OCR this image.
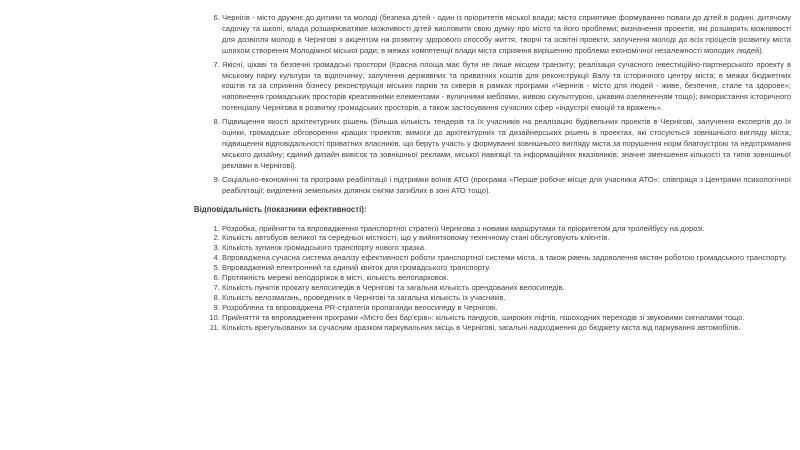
6. Чернігів - місто дружнє до дитини та молоді (безпека дітей - один із пріоритетів міської влади; місто сприятиме формуванню поваги до дітей в родині, дитячому садочку та школі; влада розширюватиме можливості дітей висловити свою думку про місто та його проблеми; визначення проектів, які розширять можливості для дозвілля молоді в Чернігові з акцентом на розвитку здорового способу життя, творчі та освітні проекти; залучення молоді до всіх процесів розвитку міста шляхом створення Молодіжної міської ради; в межах компетенції влади міста сприяння вирішенню проблеми економічної незалежності молодих людей).
7. Якісні, цікаві та безпечні громадські простори (Красна площа має бути не лише місцем транзиту; реалізація сучасного інвестиційно-партнерського проекту в міському парку культури та відпочинку; залучення державних та приватних коштів для реконструкції Валу та історичного центру міста; в межах бюджетних коштів та за сприяння бізнесу реконструкція міських парків та скверів в рамках програми «Чернігів - місто для людей - живе, безпечне, стале та здорове»; наповнення громадських просторів креативними елементами - вуличними меблями, живою скульптурою, цікавим озелененням тощо); використання історичного потенціалу Чернігова в розвитку громадських просторів, а також застосування сучасних сфер «індустрії емоцій та вражень».
8. Підвищення якості архітектурних рішень (більша кількість тендерів та їх учасників на реалізацію будівельних проектів в Чернігові, залучення експертів до їх оцінки, громадське обговорення кращих проектів; вимоги до архітектурних та дизайнерських рішень в проектах, які стосуються зовнішнього вигляду міста; підвищення відповідальності приватних власників, що беруть участь у формуванні зовнішнього вигляду міста за порушення норм благоустрою та недотримання міського дизайну; єдиний дизайн вивісок та зовнішньої реклами, міської навігації та інформаційних вказівників; значне зменшення кількості та типів зовнішньої реклами в Чернігові).
9. Соціально-економічні та програми реабілітації і підтримки воїнів АТО (програма «Перше робоче місце для учасника АТО»; співпраця з Центрами психологічної реабілітації; виділення земельних ділянок сім'ям загиблих в зоні АТО тощо).
Відповідальність (показники ефективності):
1. Розробка, прийняття та впровадження транспортної стратегії Чернігова з новими маршрутами та пріоритетом для тролейбусу на дорозі.
2. Кількість автобусів великої та середньої місткості, що у вийнятковому технічному стані обслуговують клієнтів.
3. Кількість зупинок громадського транспорту нового зразка.
4. Впроваджена сучасна система аналізу ефективності роботи транспортної системи міста, а також рівень задоволення містян роботою громадського транспорту.
5. Впроваджений електронний та єдиний квиток для громадського транспорту.
6. Протяжність мережі велодоріжок в місті, кількість велопарковок.
7. Кількість пунктів прокату велосипедів в Чернігові та загальна кількість орендованих велосипедів.
8. Кількість велозмагань, проведених в Чернігові та загальна кількість їх учасників.
9. Розроблена та впроваджена PR-стратегія пропаганди велосипеду в Чернігові.
10. Прийняття та впровадження програми «Місто без бар'єрів»: кількість пандусів, широких ліфтів, пішоходних переходів зі звуковими сигналами тощо.
11. Кількість врегульованих за сучасним зразком паркувальних місць в Чернігові, загальні надходження до бюджету міста від паркування автомобілів.
